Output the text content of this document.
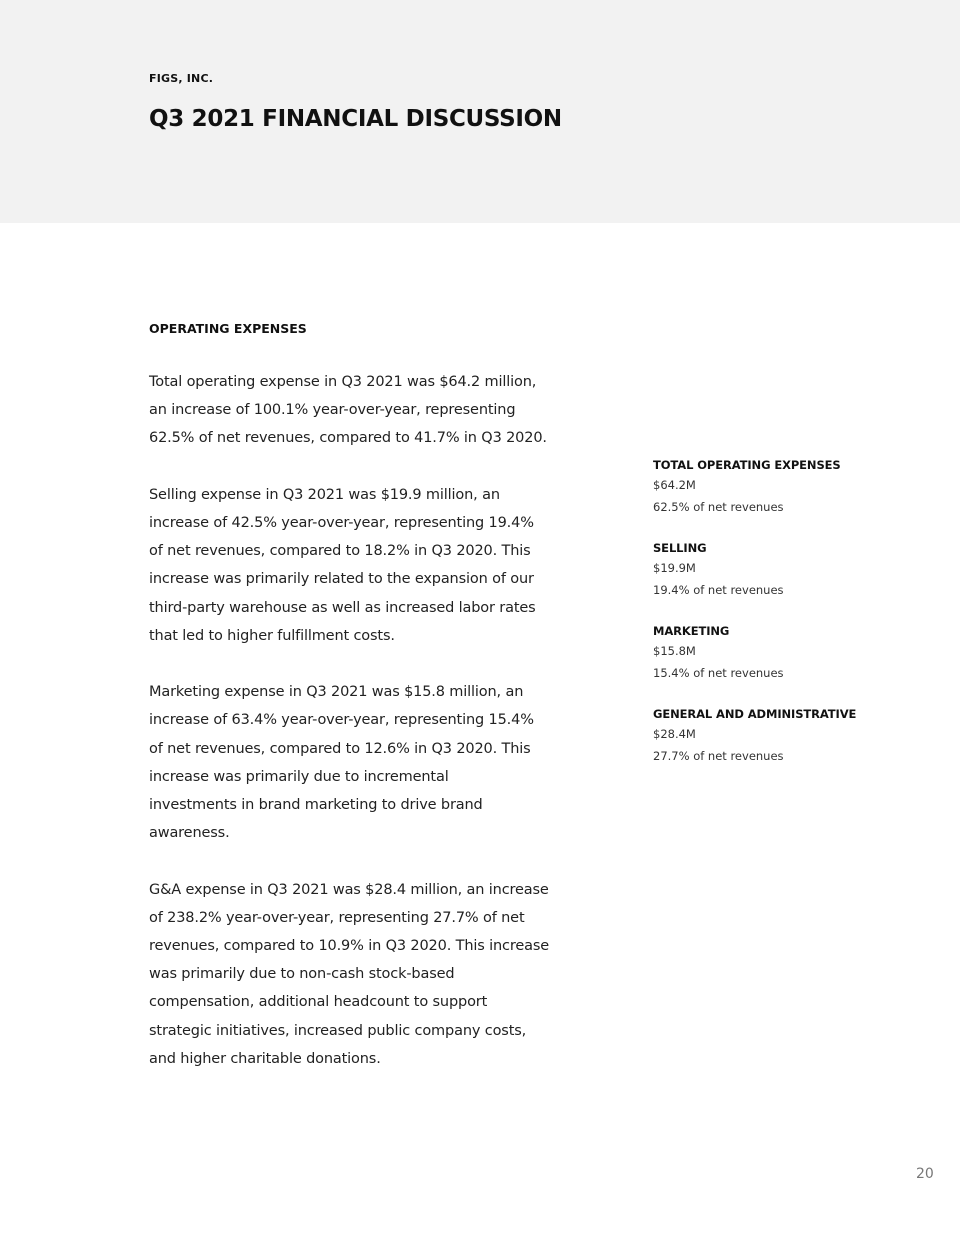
FIGS, INC.
Q3 2021 FINANCIAL DISCUSSION
OPERATING EXPENSES

Total operating expense in Q3 2021 was $64.2 million,
an increase of 100.1% year-over-year, representing
62.5% of net revenues, compared to 41.7% in Q3 2020.

Selling expense in Q3 2021 was $19.9 million, an
increase of 42.5% year-over-year, representing 19.4%
of net revenues, compared to 18.2% in Q3 2020. This
increase was primarily related to the expansion of our
third-party warehouse as well as increased labor rates
that led to higher fulfillment costs.

Marketing expense in Q3 2021 was $15.8 million, an
increase of 63.4% year-over-year, representing 15.4%
of net revenues, compared to 12.6% in Q3 2020. This
increase was primarily due to incremental
investments in brand marketing to drive brand
awareness.

G&A expense in Q3 2021 was $28.4 million, an increase
of 238.2% year-over-year, representing 27.7% of net
revenues, compared to 10.9% in Q3 2020. This increase
was primarily due to non-cash stock-based
compensation, additional headcount to support
strategic initiatives, increased public company costs,
and higher charitable donations.

TOTAL OPERATING EXPENSES
$64.2M
62.5% of net revenues
SELLING
$19.9M
19.4% of net revenues
MARKETING
$15.8M
15.4% of net revenues
GENERAL AND ADMINISTRATIVE
$28.4M
27.7% of net revenues
20
